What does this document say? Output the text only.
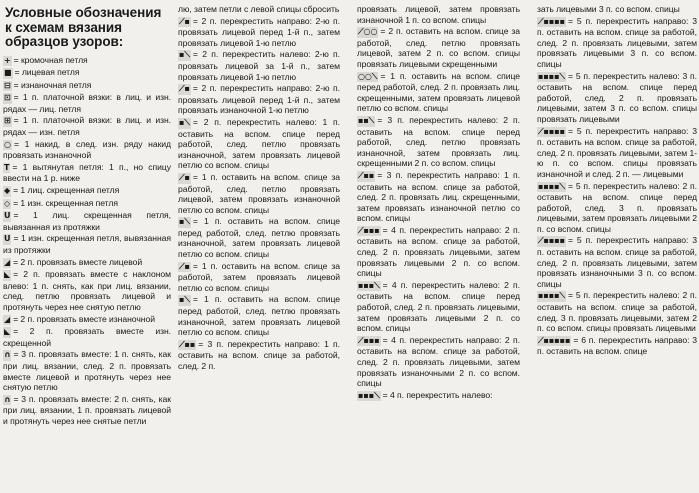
Условные обозначения
к схемам вязания
образцов узоров:
+ = кромочная петля
■ = лицевая петля
⊟ = изнаночная петля
⊡ = 1 п. платочной вязки: в лиц. и изн. рядах — лиц. петля
⊞ = 1 п. платочной вязки: в лиц. и изн. рядах — изн. петля
○ = 1 накид, в след. изн. ряду накид провязать изнаночной
T = 1 вытянутая петля: 1 п., но спицу ввести на 1 р. ниже
◆ = 1 лиц. скрещенная петля
◇ = 1 изн. скрещенная петля
U = 1 лиц. скрещенная петля, вывязанная из протяжки
U = 1 изн. скрещенная петля, вывязанная из протяжки
◢ = 2 п. провязать вместе лицевой
◣ = 2 п. провязать вместе с наклоном влево: 1 п. снять, как при лиц. вязании, след. петлю провязать лицевой и протянуть через нее снятую петлю
◢ = 2 п. провязать вместе изнаночной
◣ = 2 п. провязать вместе изн. скрещенной
∩ = 3 п. провязать вместе: 1 п. снять, как при лиц. вязании, след. 2 п. провязать вместе лицевой и протянуть через нее снятую петлю
∩ = 3 п. провязать вместе: 2 п. снять, как при лиц. вязании, 1 п. провязать лицевой и протянуть через нее снятые петли
лю, затем петли с левой спицы сбросить
⟋▪ = 2 п. перекрестить направо: 2-ю п. провязать лицевой перед 1-й п., затем провязать лицевой 1-ю петлю
▪⟍ = 2 п. перекрестить налево: 2-ю п. провязать лицевой за 1-й п., затем провязать лицевой 1-ю петлю
⟋▪ = 2 п. перекрестить направо: 2-ю п. провязать лицевой перед 1-й п., затем провязать изнаночной 1-ю петлю
▪⟍ = 2 п. перекрестить налево: 1 п. оставить на вспом. спице перед работой, след. петлю провязать изнаночной, затем провязать лицевой петлю со вспом. спицы
⟋▪ = 1 п. оставить на вспом. спице за работой, след. петлю провязать лицевой, затем провязать изнаночной петлю со вспом. спицы
▪⟍ = 1 п. оставить на вспом. спице перед работой, след. петлю провязать изнаночной, затем провязать лицевой петлю со вспом. спицы
⟋▪ = 1 п. оставить на вспом. спице за работой, затем провязать лицевой петлю со вспом. спицы
▪⟍ = 1 п. оставить на вспом. спице перед работой, след. петлю провязать изнаночной, затем провязать лицевой петлю со вспом. спицы
⟋▪▪ = 3 п. перекрестить направо: 1 п. оставить на вспом. спице за работой, след. 2 п.
провязать лицевой, затем провязать изнаночной 1 п. со вспом. спицы
⟋○○ = 2 п. оставить на вспом. спице за работой, след. петлю провязать лицевой, затем 2 п. со вспом. спицы провязать лицевыми скрещенными
○○⟍ = 1 п. оставить на вспом. спице перед работой, след. 2 п. провязать лиц. скрещенными, затем провязать лицевой петлю со вспом. спицы
▪▪⟍ = 3 п. перекрестить налево: 2 п. оставить на вспом. спице перед работой, след. петлю провязать изнаночной, затем провязать лиц. скрещенными 2 п. со вспом. спицы
⟋▪▪ = 3 п. перекрестить направо: 1 п. оставить на вспом. спице за работой, след. 2 п. провязать лиц. скрещенными, затем провязать изнаночной петлю со вспом. спицы
⟋▪▪▪ = 4 п. перекрестить направо: 2 п. оставить на вспом. спице за работой, след. 2 п. провязать лицевыми, затем провязать лицевыми 2 п. со вспом. спицы
▪▪▪⟍ = 4 п. перекрестить налево: 2 п. оставить на вспом. спице перед работой, след. 2 п. провязать лицевыми, затем провязать лицевыми 2 п. со вспом. спицы
⟋▪▪▪ = 4 п. перекрестить направо: 2 п. оставить на вспом. спице за работой, след. 2 п. провязать лицевыми, затем провязать изнаночными 2 п. со вспом. спицы
▪▪▪⟍ = 4 п. перекрестить налево:
зать лицевыми 3 п. со вспом. спицы
⟋▪▪▪▪ = 5 п. перекрестить направо: 3 п. оставить на вспом. спице за работой, след. 2 п. провязать лицевыми, затем провязать лицевыми 3 п. со вспом. спицы
▪▪▪▪⟍ = 5 п. перекрестить налево: 3 п. оставить на вспом. спице перед работой, след. 2 п. провязать лицевыми, затем 3 п. со вспом. спицы провязать лицевыми
⟋▪▪▪▪ = 5 п. перекрестить направо: 3 п. оставить на вспом. спице за работой, след. 2 п. провязать лицевыми, затем 1-ю п. со вспом. спицы провязать изнаночной и след. 2 п. — лицевыми
▪▪▪▪⟍ = 5 п. перекрестить налево: 2 п. оставить на вспом. спице перед работой, след. 3 п. провязать лицевыми, затем провязать лицевыми 2 п. со вспом. спицы
⟋▪▪▪▪ = 5 п. перекрестить направо: 3 п. оставить на вспом. спице за работой, след. 2 п. провязать лицевыми, затем провязать изнаночными 3 п. со вспом. спицы
▪▪▪▪⟍ = 5 п. перекрестить налево: 2 п. оставить на вспом. спице за работой, след. 3 п. провязать лицевыми, затем 2 п. со вспом. спицы провязать лицевыми
⟋▪▪▪▪▪ = 6 п. перекрестить направо: 3 п. оставить на вспом. спице
